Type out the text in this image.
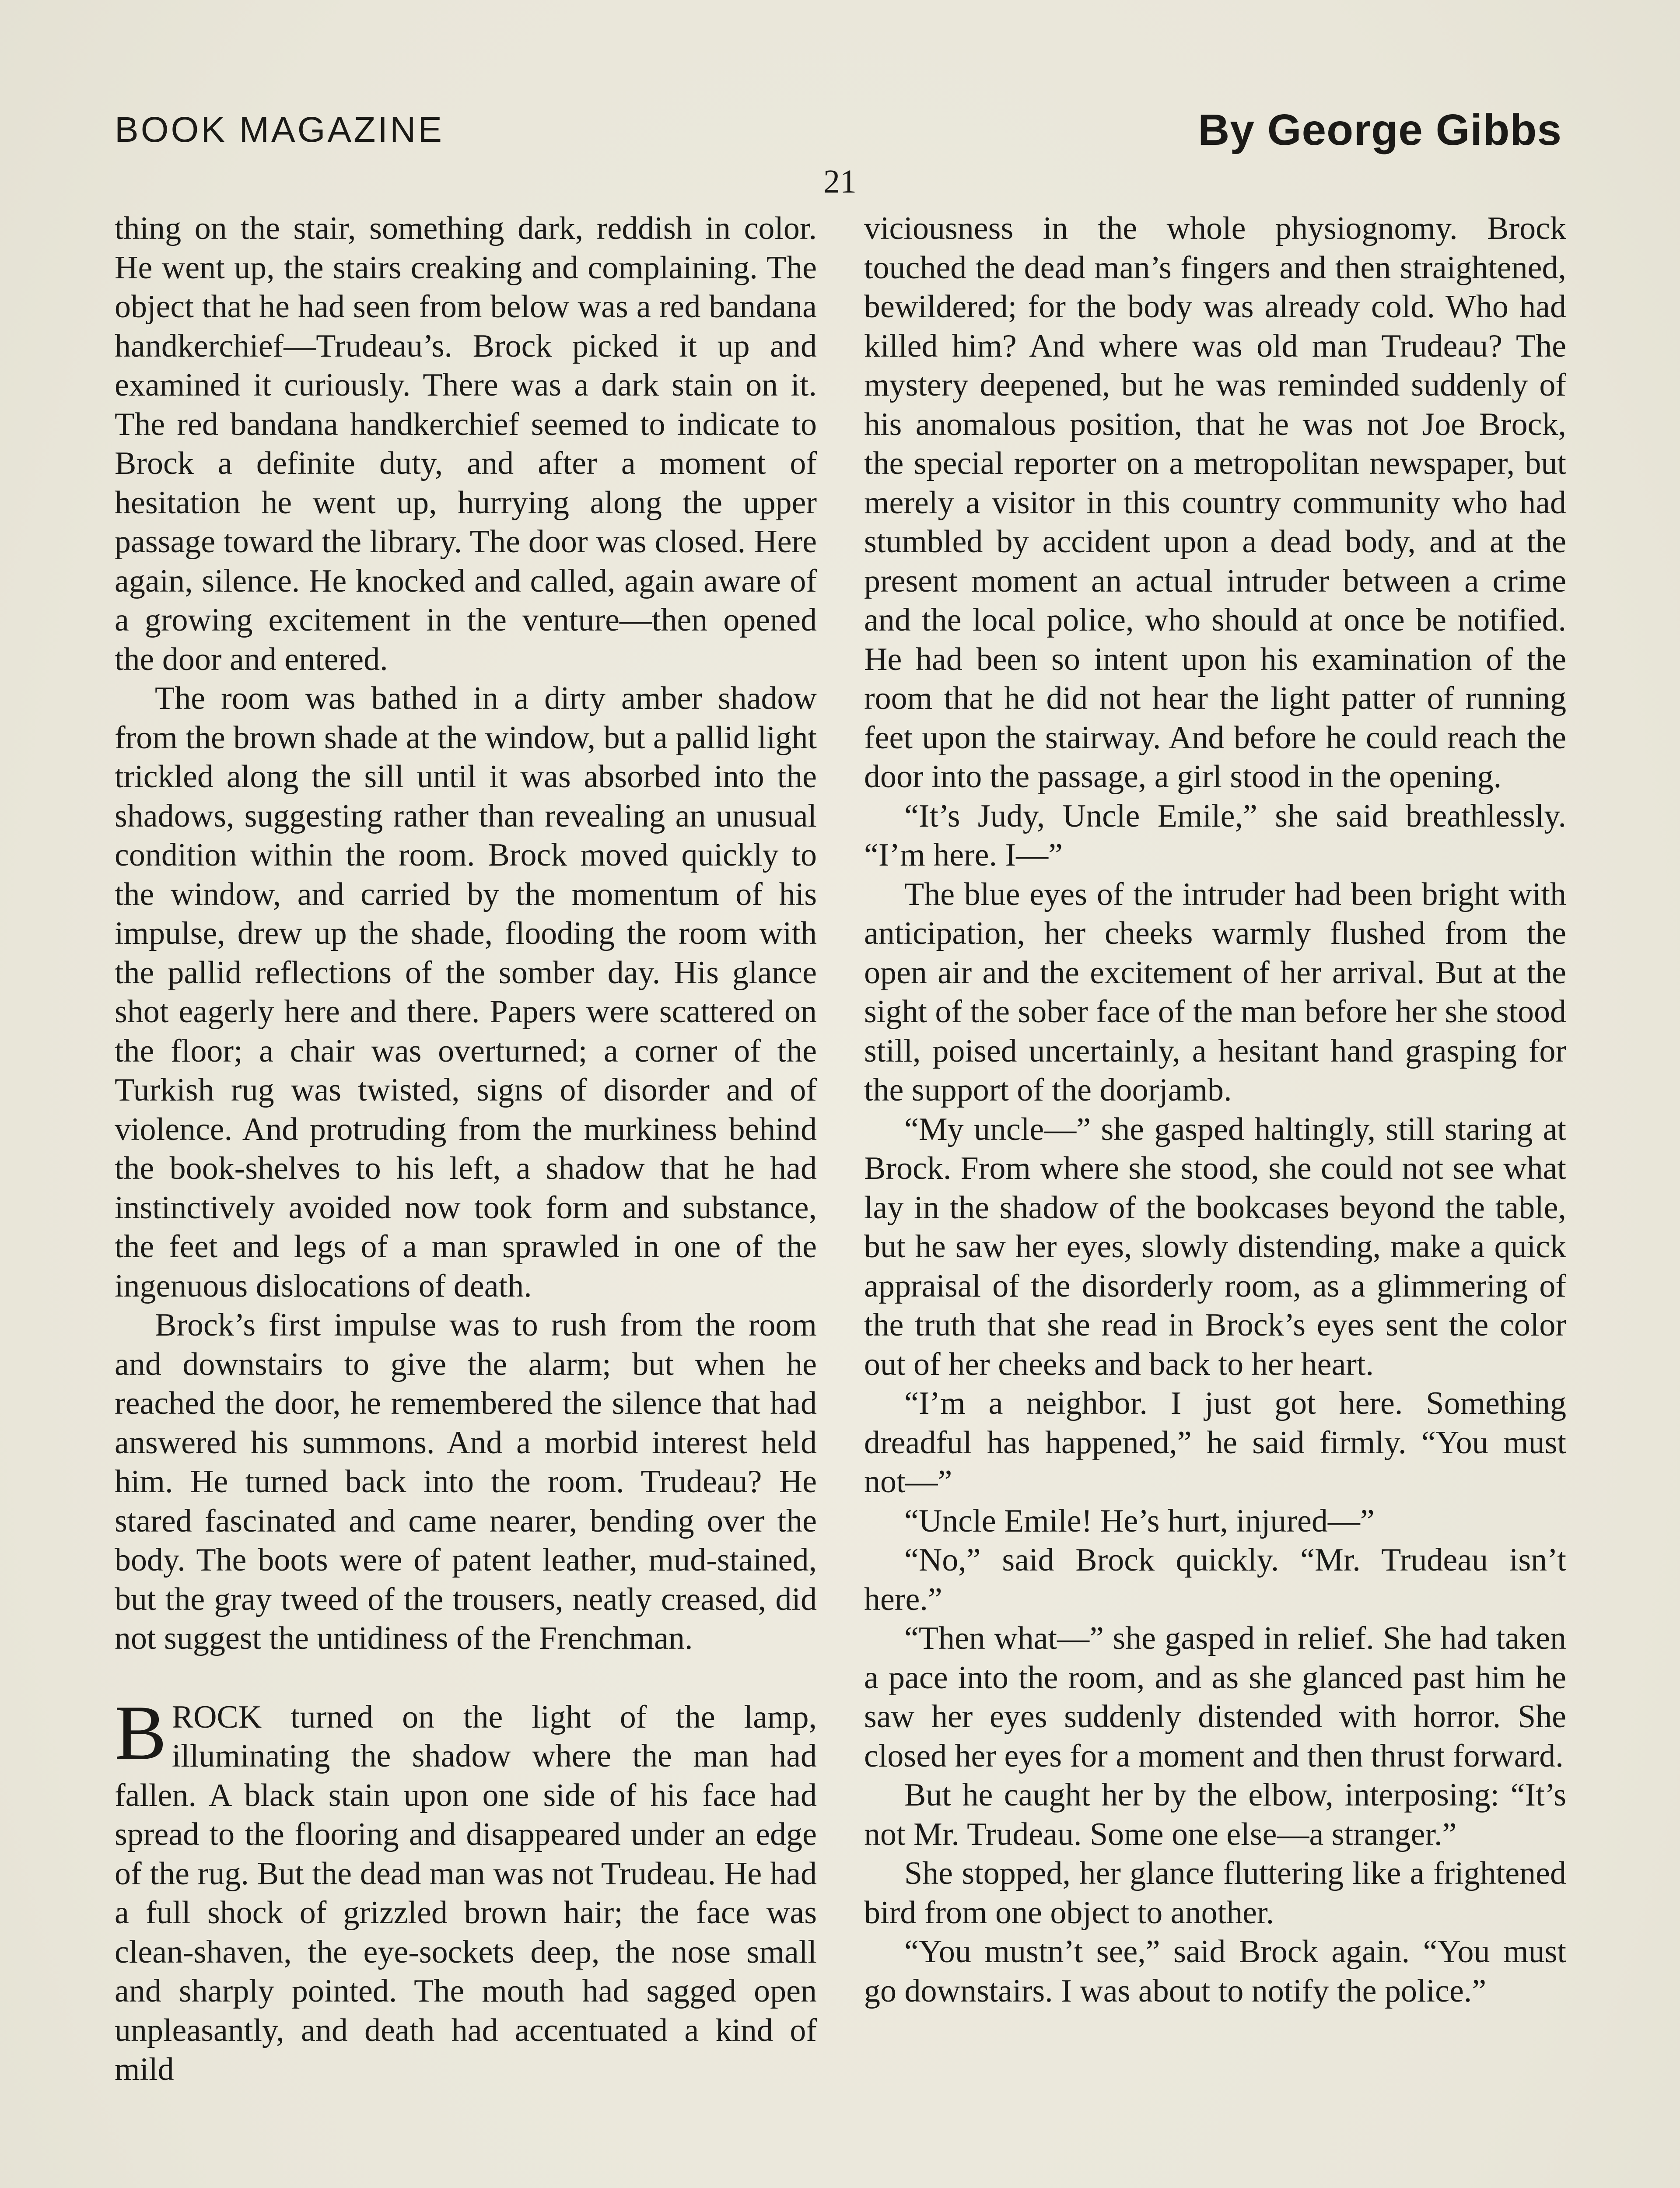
BOOK MAGAZINE	By George Gibbs
21

thing on the stair, something dark, reddish in color. He went up, the stairs creaking and complaining. The object that he had seen from below was a red bandana handkerchief—Trudeau’s. Brock picked it up and examined it curiously. There was a dark stain on it. The red bandana handkerchief seemed to indicate to Brock a definite duty, and after a moment of hesitation he went up, hurrying along the upper passage toward the library. The door was closed. Here again, silence. He knocked and called, again aware of a growing excitement in the venture—then opened the door and entered.

The room was bathed in a dirty amber shadow from the brown shade at the window, but a pallid light trickled along the sill until it was absorbed into the shadows, suggesting rather than revealing an unusual condition within the room. Brock moved quickly to the window, and carried by the momentum of his impulse, drew up the shade, flooding the room with the pallid reflections of the somber day. His glance shot eagerly here and there. Papers were scattered on the floor; a chair was overturned; a corner of the Turkish rug was twisted, signs of disorder and of violence. And protruding from the murkiness behind the book-shelves to his left, a shadow that he had instinctively avoided now took form and substance, the feet and legs of a man sprawled in one of the ingenuous dislocations of death.

Brock’s first impulse was to rush from the room and downstairs to give the alarm; but when he reached the door, he remembered the silence that had answered his summons. And a morbid interest held him. He turned back into the room. Trudeau? He stared fascinated and came nearer, bending over the body. The boots were of patent leather, mud-stained, but the gray tweed of the trousers, neatly creased, did not suggest the untidiness of the Frenchman.

BROCK turned on the light of the lamp, illuminating the shadow where the man had fallen. A black stain upon one side of his face had spread to the flooring and disappeared under an edge of the rug. But the dead man was not Trudeau. He had a full shock of grizzled brown hair; the face was clean-shaven, the eye-sockets deep, the nose small and sharply pointed. The mouth had sagged open unpleasantly, and death had accentuated a kind of mild

viciousness in the whole physiognomy. Brock touched the dead man’s fingers and then straightened, bewildered; for the body was already cold. Who had killed him? And where was old man Trudeau? The mystery deepened, but he was reminded suddenly of his anomalous position, that he was not Joe Brock, the special reporter on a metropolitan newspaper, but merely a visitor in this country community who had stumbled by accident upon a dead body, and at the present moment an actual intruder between a crime and the local police, who should at once be notified. He had been so intent upon his examination of the room that he did not hear the light patter of running feet upon the stairway. And before he could reach the door into the passage, a girl stood in the opening.

“It’s Judy, Uncle Emile,” she said breathlessly. “I’m here. I—”

The blue eyes of the intruder had been bright with anticipation, her cheeks warmly flushed from the open air and the excitement of her arrival. But at the sight of the sober face of the man before her she stood still, poised uncertainly, a hesitant hand grasping for the support of the doorjamb.

“My uncle—” she gasped haltingly, still staring at Brock. From where she stood, she could not see what lay in the shadow of the bookcases beyond the table, but he saw her eyes, slowly distending, make a quick appraisal of the disorderly room, as a glimmering of the truth that she read in Brock’s eyes sent the color out of her cheeks and back to her heart.

“I’m a neighbor. I just got here. Something dreadful has happened,” he said firmly. “You must not—”

“Uncle Emile! He’s hurt, injured—”

“No,” said Brock quickly. “Mr. Trudeau isn’t here.”

“Then what—” she gasped in relief. She had taken a pace into the room, and as she glanced past him he saw her eyes suddenly distended with horror. She closed her eyes for a moment and then thrust forward.

But he caught her by the elbow, interposing: “It’s not Mr. Trudeau. Some one else—a stranger.”

She stopped, her glance fluttering like a frightened bird from one object to another.

“You mustn’t see,” said Brock again. “You must go downstairs. I was about to notify the police.”
